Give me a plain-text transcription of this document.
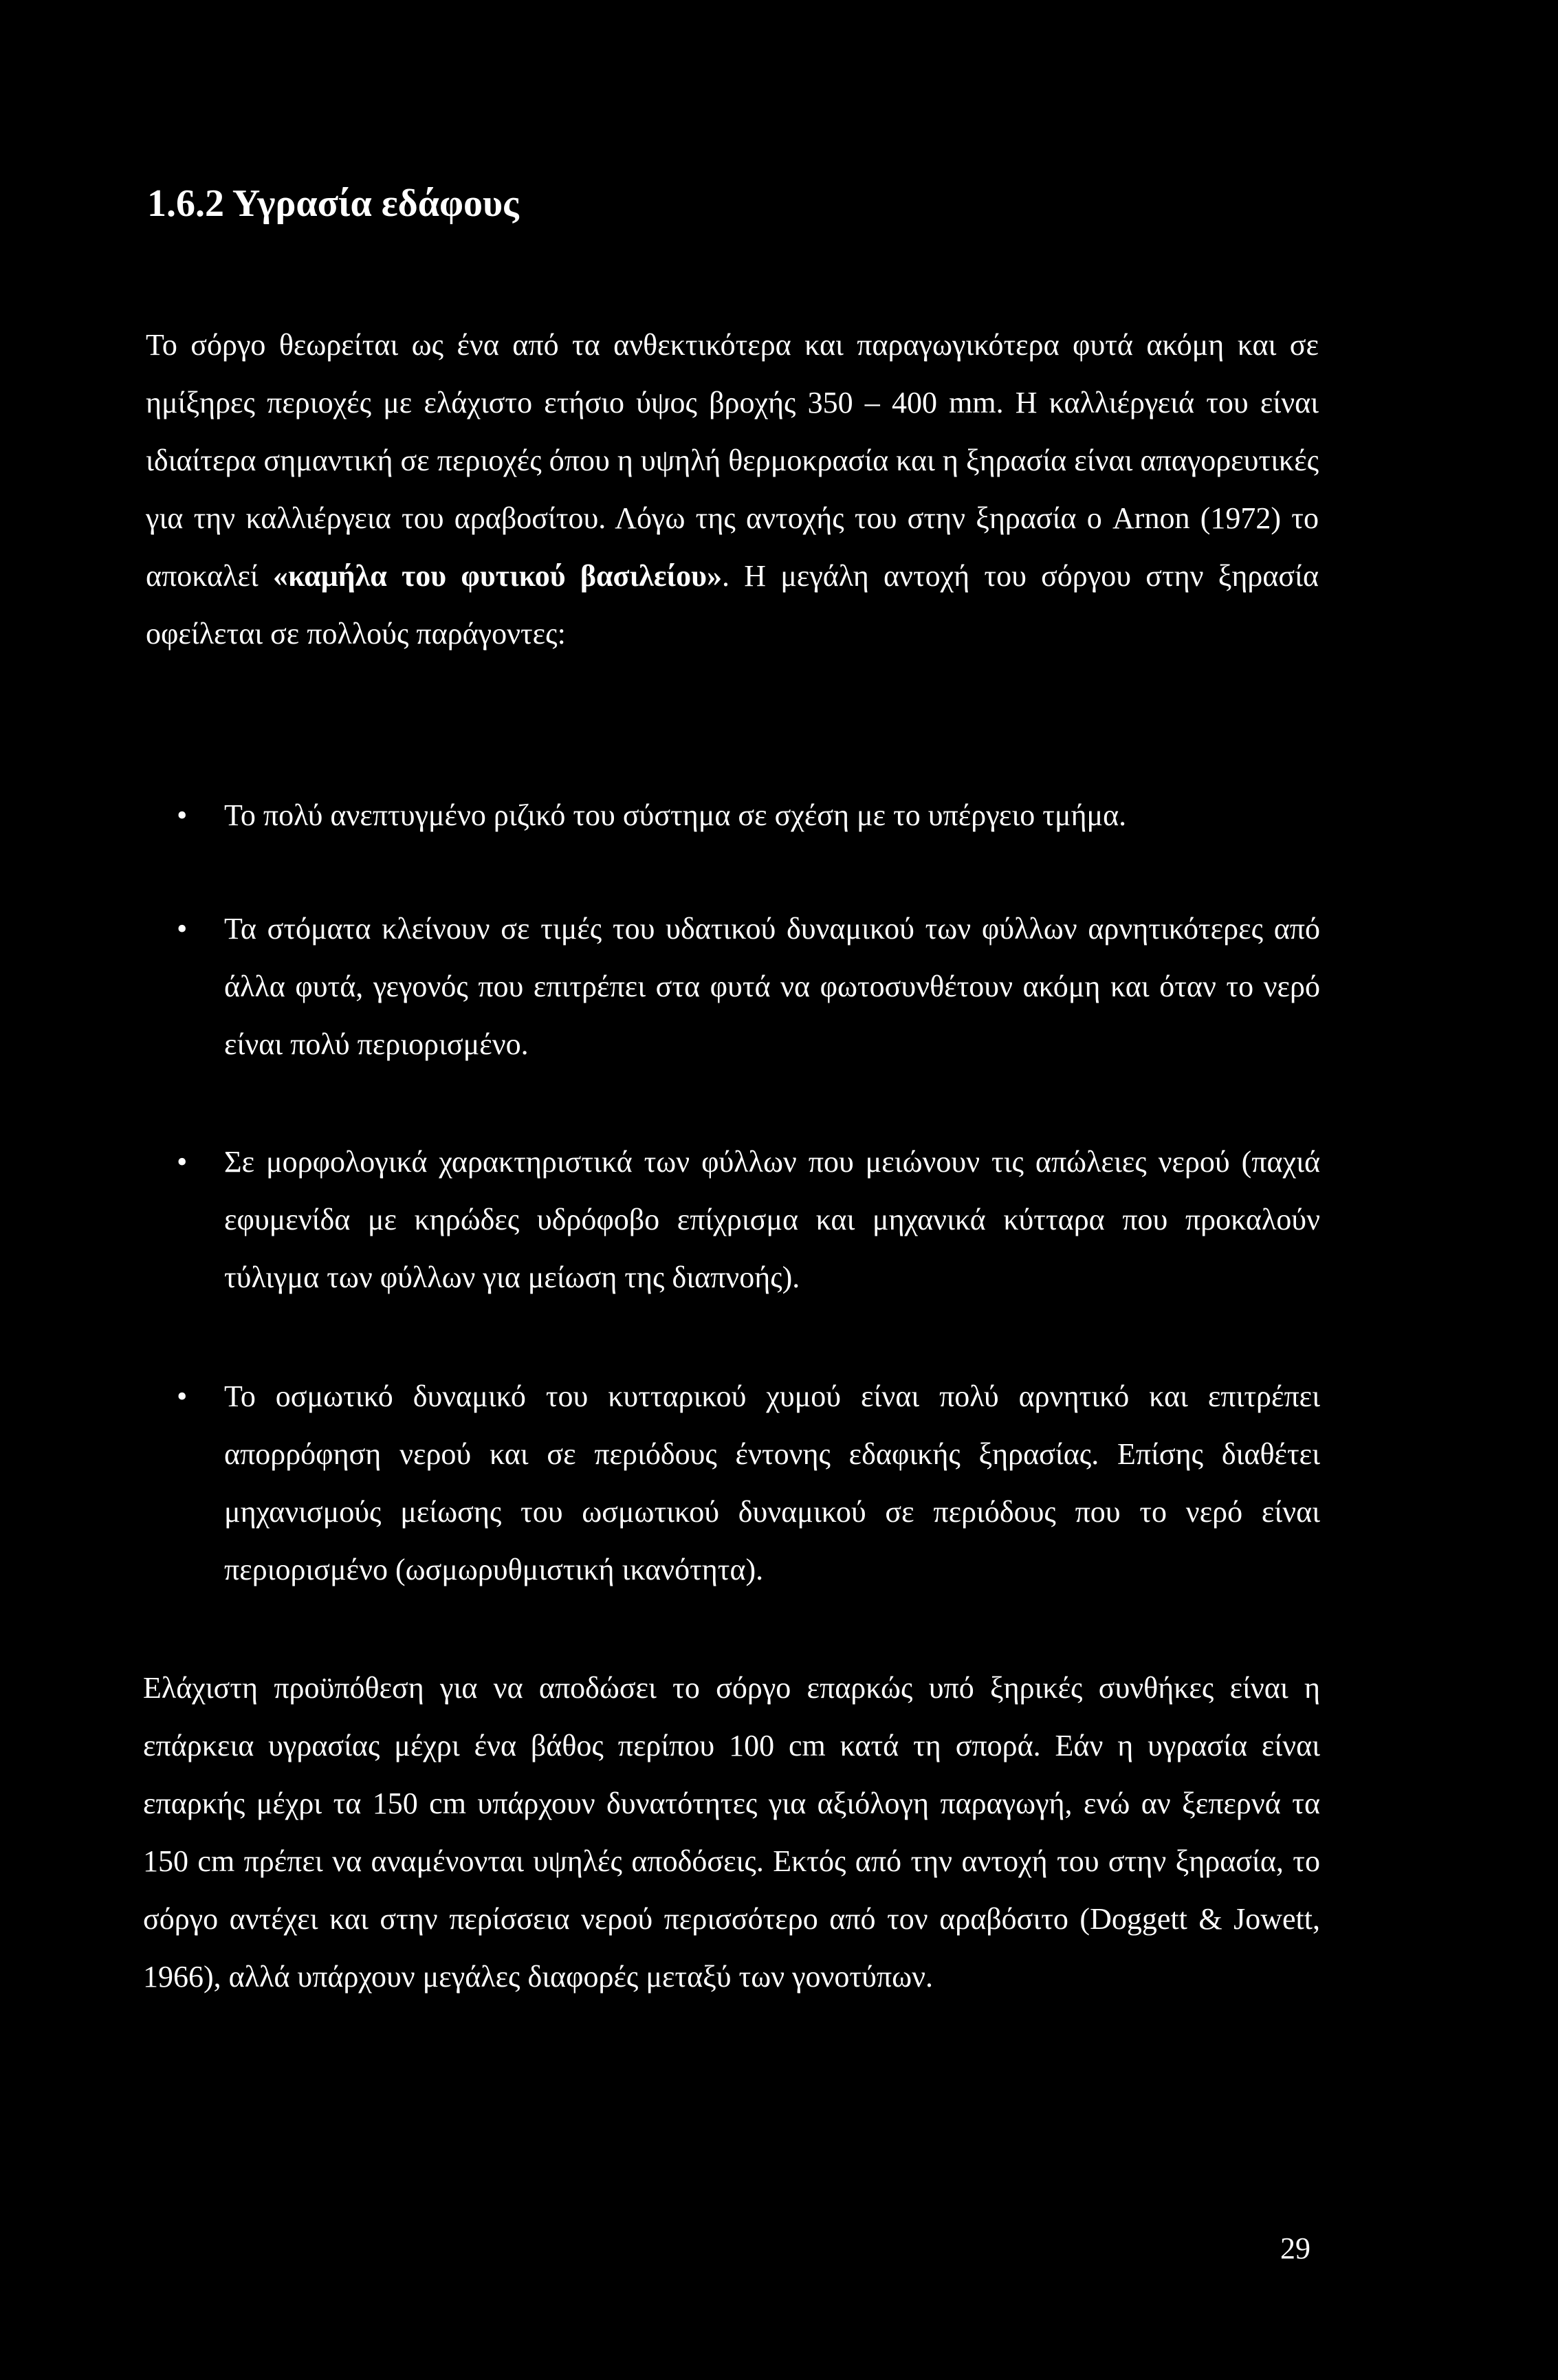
1.6.2 Υγρασία εδάφους

Το σόργο θεωρείται ως ένα από τα ανθεκτικότερα και παραγωγικότερα φυτά ακόμη και σε ημίξηρες περιοχές με ελάχιστο ετήσιο ύψος βροχής 350 – 400 mm. Η καλλιέργειά του είναι ιδιαίτερα σημαντική σε περιοχές όπου η υψηλή θερμοκρασία και η ξηρασία είναι απαγορευτικές για την καλλιέργεια του αραβοσίτου. Λόγω της αντοχής του στην ξηρασία ο Arnon (1972) το αποκαλεί «καμήλα του φυτικού βασιλείου». Η μεγάλη αντοχή του σόργου στην ξηρασία οφείλεται σε πολλούς παράγοντες:

• Το πολύ ανεπτυγμένο ριζικό του σύστημα σε σχέση με το υπέργειο τμήμα.

• Τα στόματα κλείνουν σε τιμές του υδατικού δυναμικού των φύλλων αρνητικότερες από άλλα φυτά, γεγονός που επιτρέπει στα φυτά να φωτοσυνθέτουν ακόμη και όταν το νερό είναι πολύ περιορισμένο.

• Σε μορφολογικά χαρακτηριστικά των φύλλων που μειώνουν τις απώλειες νερού (παχιά εφυμενίδα με κηρώδες υδρόφοβο επίχρισμα και μηχανικά κύτταρα που προκαλούν τύλιγμα των φύλλων για μείωση της διαπνοής).

• Το οσμωτικό δυναμικό του κυτταρικού χυμού είναι πολύ αρνητικό και επιτρέπει απορρόφηση νερού και σε περιόδους έντονης εδαφικής ξηρασίας. Επίσης διαθέτει μηχανισμούς μείωσης του ωσμωτικού δυναμικού σε περιόδους που το νερό είναι περιορισμένο (ωσμωρυθμιστική ικανότητα).

Ελάχιστη προϋπόθεση για να αποδώσει το σόργο επαρκώς υπό ξηρικές συνθήκες είναι η επάρκεια υγρασίας μέχρι ένα βάθος περίπου 100 cm κατά τη σπορά. Εάν η υγρασία είναι επαρκής μέχρι τα 150 cm υπάρχουν δυνατότητες για αξιόλογη παραγωγή, ενώ αν ξεπερνά τα 150 cm πρέπει να αναμένονται υψηλές αποδόσεις. Εκτός από την αντοχή του στην ξηρασία, το σόργο αντέχει και στην περίσσεια νερού περισσότερο από τον αραβόσιτο (Doggett & Jowett, 1966), αλλά υπάρχουν μεγάλες διαφορές μεταξύ των γονοτύπων.

29
